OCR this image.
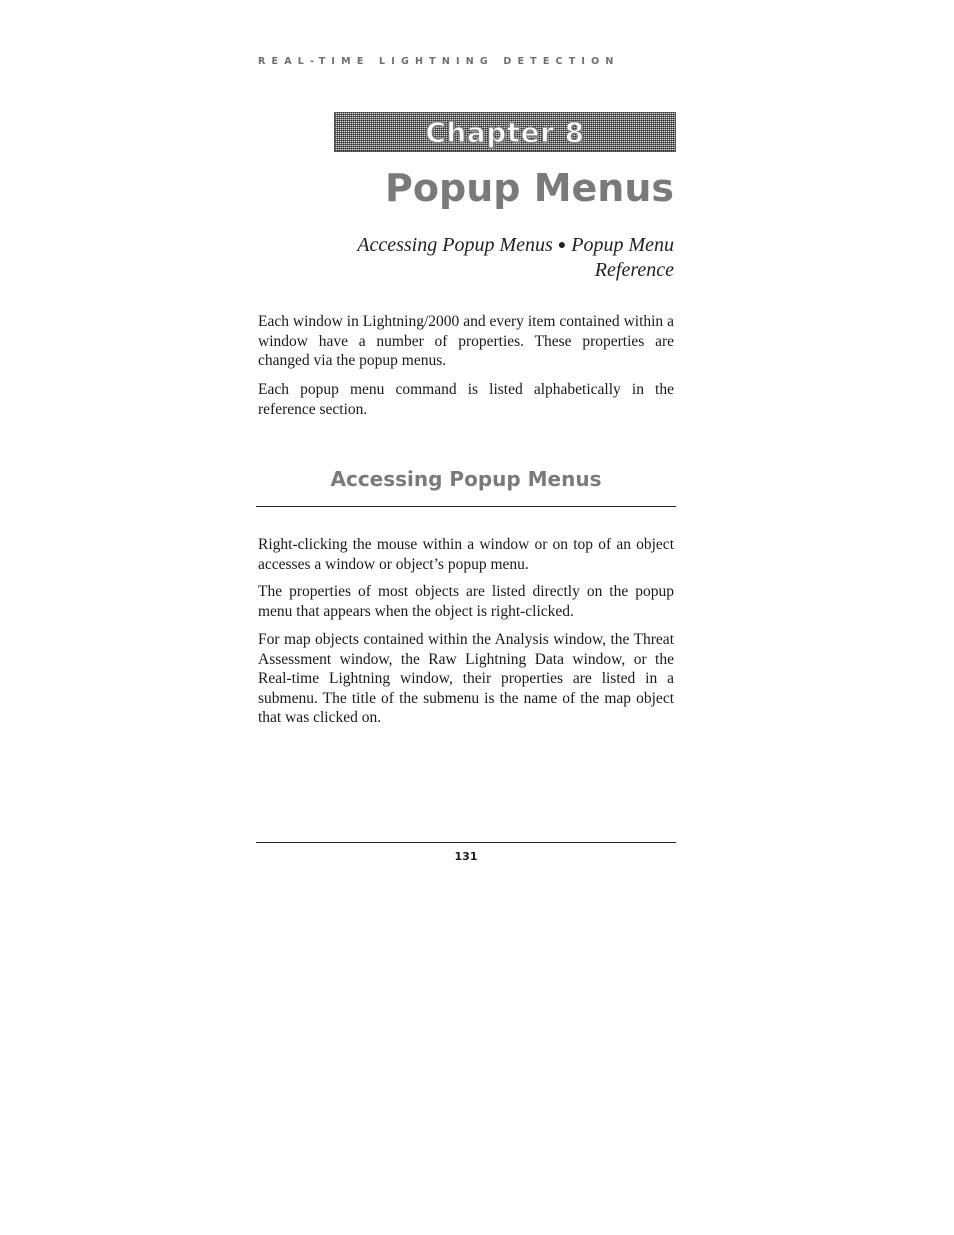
REAL-TIME LIGHTNING DETECTION
Chapter 8
Popup Menus
Accessing Popup Menus ● Popup Menu Reference

Each window in Lightning/2000 and every item contained within a window have a number of properties. These properties are changed via the popup menus.

Each popup menu command is listed alphabetically in the reference section.

Accessing Popup Menus

Right-clicking the mouse within a window or on top of an object accesses a window or object’s popup menu.

The properties of most objects are listed directly on the popup menu that appears when the object is right-clicked.

For map objects contained within the Analysis window, the Threat Assessment window, the Raw Lightning Data window, or the Real-time Lightning window, their properties are listed in a submenu. The title of the submenu is the name of the map object that was clicked on.

131
